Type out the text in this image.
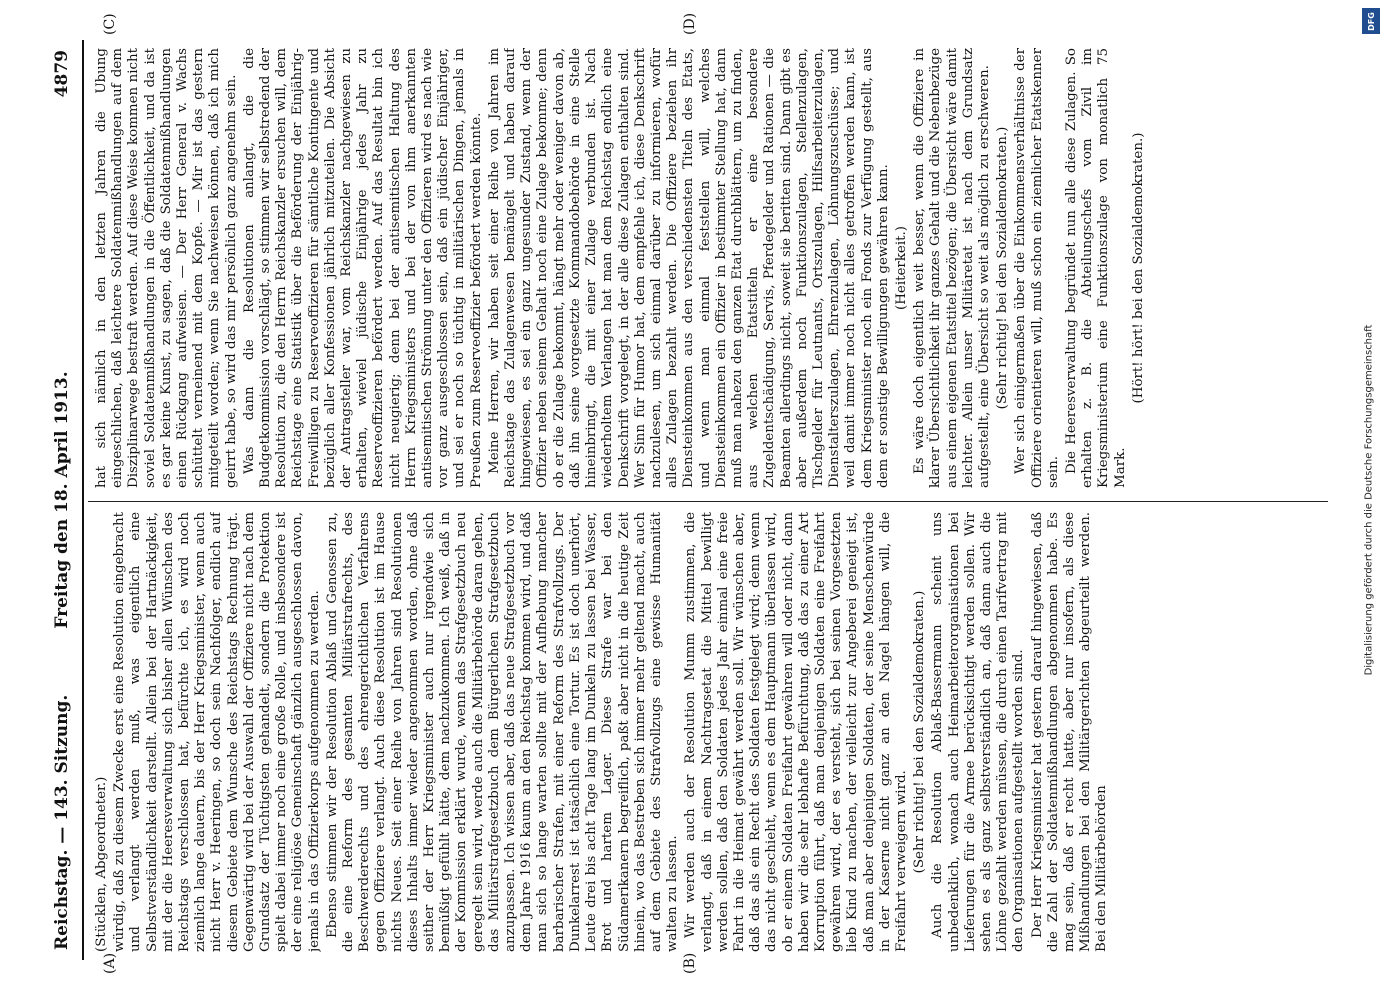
Reichstag. — 143. Sitzung.
Freitag den 18. April 1913.
4879
(A)	(B)
(C)	(D)

(Stücklen, Abgeordneter.) würdig, daß zu diesem Zwecke erst eine Resolution eingebracht und verlangt werden muß, was eigentlich eine Selbstverständlichkeit darstellt. Allein bei der Hartnäckigkeit, mit der die Heeresverwaltung sich bisher allen Wünschen des Reichstags verschlossen hat, befürchte ich, es wird noch ziemlich lange dauern, bis der Herr Kriegsminister, wenn auch nicht Herr v. Heeringen, so doch sein Nachfolger, endlich auf diesem Gebiete dem Wunsche des Reichstags Rechnung trägt. Gegenwärtig wird bei der Auswahl der Offiziere nicht nach dem Grundsatz der Tüchtigsten gehandelt, sondern die Protektion spielt dabei immer noch eine große Rolle, und insbesondere ist der eine religiöse Gemeinschaft gänzlich ausgeschlossen davon, jemals in das Offizierkorps aufgenommen zu werden. Ebenso stimmen wir der Resolution Ablaß und Genossen zu, die eine Reform des gesamten Militärstrafrechts, des Beschwerderechts und des ehrengerichtlichen Verfahrens gegen Offiziere verlangt. Auch diese Resolution ist im Hause nichts Neues. Seit einer Reihe von Jahren sind Resolutionen dieses Inhalts immer wieder angenommen worden, ohne daß seither der Herr Kriegsminister auch nur irgendwie sich bemüßigt gefühlt hätte, dem nachzukommen. Ich weiß, daß in der Kommission erklärt wurde, wenn das Strafgesetzbuch neu geregelt sein wird, werde auch die Militärbehörde daran gehen, das Militärstrafgesetzbuch dem Bürgerlichen Strafgesetzbuch anzupassen. Ich wissen aber, daß das neue Strafgesetzbuch vor dem Jahre 1916 kaum an den Reichstag kommen wird, und daß man sich so lange warten sollte mit der Aufhebung mancher barbarischer Strafen, mit einer Reform des Strafvollzugs. Der Dunkelarrest ist tatsächlich eine Tortur. Es ist doch unerhört, Leute drei bis acht Tage lang im Dunkeln zu lassen bei Wasser, Brot und hartem Lager. Diese Strafe war bei den Südamerikanern begreiflich, paßt aber nicht in die heutige Zeit hinein, wo das Bestreben sich immer mehr geltend macht, auch auf dem Gebiete des Strafvollzugs eine gewisse Humanität walten zu lassen. Wir werden auch der Resolution Mumm zustimmen, die verlangt, daß in einem Nachtragsetat die Mittel bewilligt werden sollen, daß den Soldaten jedes Jahr einmal eine freie Fahrt in die Heimat gewährt werden soll. Wir wünschen aber, daß das als ein Recht des Soldaten festgelegt wird; denn wenn das nicht geschieht, wenn es dem Hauptmann überlassen wird, ob er einem Soldaten Freifahrt gewähren will oder nicht, dann haben wir die sehr lebhafte Befürchtung, daß das zu einer Art Korruption führt, daß man denjenigen Soldaten eine Freifahrt gewähren wird, der es versteht, sich bei seinen Vorgesetzten lieb Kind zu machen, der vielleicht zur Angeberei geneigt ist, daß man aber denjenigen Soldaten, der seine Menschenwürde in der Kaserne nicht ganz an den Nagel hängen will, die Freifahrt verweigern wird. (Sehr richtig! bei den Sozialdemokraten.) Auch die Resolution Ablaß-Bassermann scheint uns unbedenklich, wonach auch Heimarbeiterorganisationen bei Lieferungen für die Armee berücksichtigt werden sollen. Wir sehen es als ganz selbstverständlich an, daß dann auch die Löhne gezahlt werden müssen, die durch einen Tarifvertrag mit den Organisationen aufgestellt worden sind. Der Herr Kriegsminister hat gestern darauf hingewiesen, daß die Zahl der Soldatenmißhandlungen abgenommen habe. Es mag sein, daß er recht hatte, aber nur insofern, als diese Mißhandlungen bei den Militärgerichten abgeurteilt werden. Bei den Militärbehörden

hat sich nämlich in den letzten Jahren die Übung eingeschlichen, daß leichtere Soldatenmißhandlungen auf dem Disziplinarwege bestraft werden. Auf diese Weise kommen nicht soviel Soldatenmißhandlungen in die Öffentlichkeit, und da ist es gar keine Kunst, zu sagen, daß die Soldatenmißhandlungen einen Rückgang aufweisen. — Der Herr General v. Wachs schüttelt verneinend mit dem Kopfe. — Mir ist das gestern mitgeteilt worden; wenn Sie nachweisen können, daß ich mich geirrt habe, so wird das mir persönlich ganz angenehm sein. Was dann die Resolutionen anlangt, die die Budgetkommission vorschlägt, so stimmen wir selbstredend der Resolution zu, die den Herrn Reichskanzler ersuchen will, dem Reichstage eine Statistik über die Beförderung der Einjährig-Freiwilligen zu Reserveoffizieren für sämtliche Kontingente und bezüglich aller Konfessionen jährlich mitzuteilen. Die Absicht der Antragsteller war, vom Reichskanzler nachgewiesen zu erhalten, wieviel jüdische Einjährige jedes Jahr zu Reserveoffizieren befördert werden. Auf das Resultat bin ich nicht neugierig; denn bei der antisemitischen Haltung des Herrn Kriegsministers und bei der von ihm anerkannten antisemitischen Strömung unter den Offizieren wird es nach wie vor ganz ausgeschlossen sein, daß ein jüdischer Einjähriger, und sei er noch so tüchtig in militärischen Dingen, jemals in Preußen zum Reserveoffizier befördert werden könnte. Meine Herren, wir haben seit einer Reihe von Jahren im Reichstage das Zulagenwesen bemängelt und haben darauf hingewiesen, es sei ein ganz ungesunder Zustand, wenn der Offizier neben seinem Gehalt noch eine Zulage bekomme; denn ob er die Zulage bekommt, hängt mehr oder weniger davon ab, daß ihn seine vorgesetzte Kommandobehörde in eine Stelle hineinbringt, die mit einer Zulage verbunden ist. Nach wiederholtem Verlangen hat man dem Reichstag endlich eine Denkschrift vorgelegt, in der alle diese Zulagen enthalten sind. Wer Sinn für Humor hat, dem empfehle ich, diese Denkschrift nachzulesen, um sich einmal darüber zu informieren, wofür alles Zulagen bezahlt werden. Die Offiziere beziehen ihr Diensteinkommen aus den verschiedensten Titeln des Etats, und wenn man einmal feststellen will, welches Diensteinkommen ein Offizier in bestimmter Stellung hat, dann muß man nahezu den ganzen Etat durchblättern, um zu finden, aus welchen Etatstiteln er eine besondere Zugeldentschädigung, Servis, Pferdegelder und Rationen — die Beamten allerdings nicht, soweit sie beritten sind. Dann gibt es aber außerdem noch Funktionszulagen, Stellenzulagen, Tischgelder für Leutnants, Ortszulagen, Hilfsarbeiterzulagen, Dienstalterszulagen, Ehrenzulagen, Löhnungszuschüsse; und weil damit immer noch nicht alles getroffen werden kann, ist dem Kriegsminister noch ein Fonds zur Verfügung gestellt, aus dem er sonstige Bewilligungen gewähren kann. (Heiterkeit.) Es wäre doch eigentlich weit besser, wenn die Offiziere in klarer Übersichtlichkeit ihr ganzes Gehalt und die Nebenbezüge aus einem eigenen Etatstitel bezögen; die Übersicht wäre damit leichter. Allein unser Militäretat ist nach dem Grundsatz aufgestellt, eine Übersicht so weit als möglich zu erschweren. (Sehr richtig! bei den Sozialdemokraten.) Wer sich einigermaßen über die Einkommensverhältnisse der Offiziere orientieren will, muß schon ein ziemlicher Etatskenner sein. Die Heeresverwaltung begründet nun alle diese Zulagen. So erhalten z. B. die Abteilungschefs vom Zivil im Kriegsministerium eine Funktionszulage von monatlich 75 Mark.

(Hört! hört! bei den Sozialdemokraten.)

DFG
Digitalisierung gefördert durch die Deutsche Forschungsgemeinschaft
